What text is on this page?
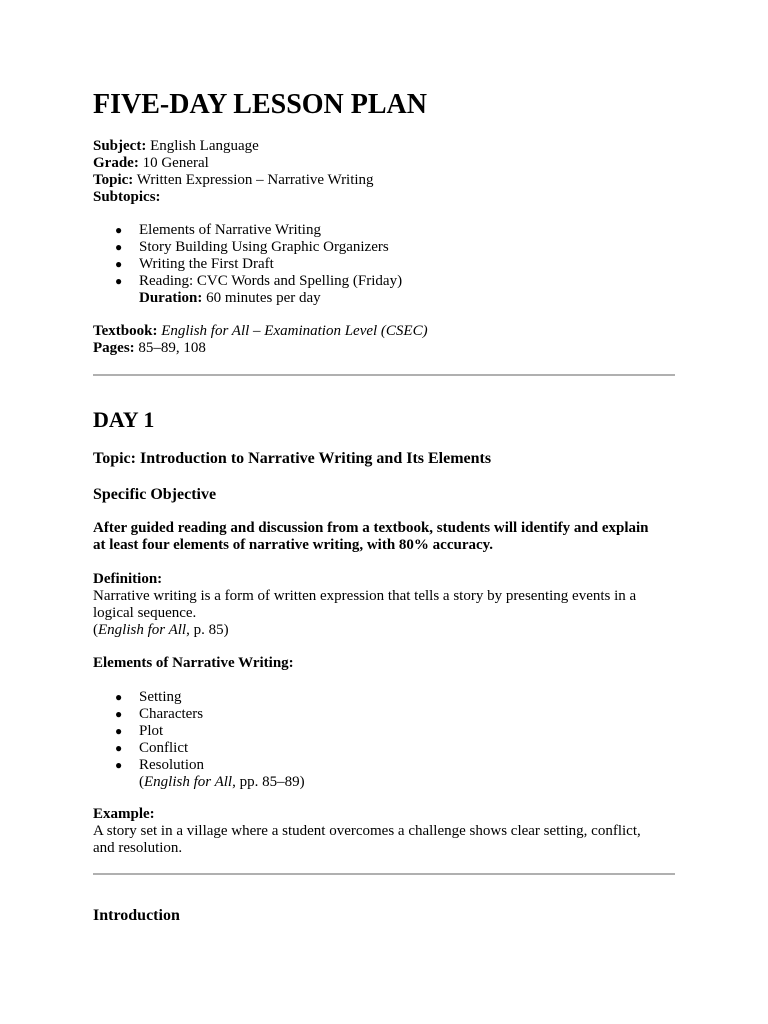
FIVE-DAY LESSON PLAN
Subject: English Language
Grade: 10 General
Topic: Written Expression – Narrative Writing
Subtopics:
● Elements of Narrative Writing
● Story Building Using Graphic Organizers
● Writing the First Draft
● Reading: CVC Words and Spelling (Friday)
Duration: 60 minutes per day
Textbook: English for All – Examination Level (CSEC)
Pages: 85–89, 108
DAY 1
Topic: Introduction to Narrative Writing and Its Elements
Specific Objective
After guided reading and discussion from a textbook, students will identify and explain
at least four elements of narrative writing, with 80% accuracy.
Definition:
Narrative writing is a form of written expression that tells a story by presenting events in a
logical sequence.
(English for All, p. 85)
Elements of Narrative Writing:
● Setting
● Characters
● Plot
● Conflict
● Resolution
(English for All, pp. 85–89)
Example:
A story set in a village where a student overcomes a challenge shows clear setting, conflict,
and resolution.
Introduction
